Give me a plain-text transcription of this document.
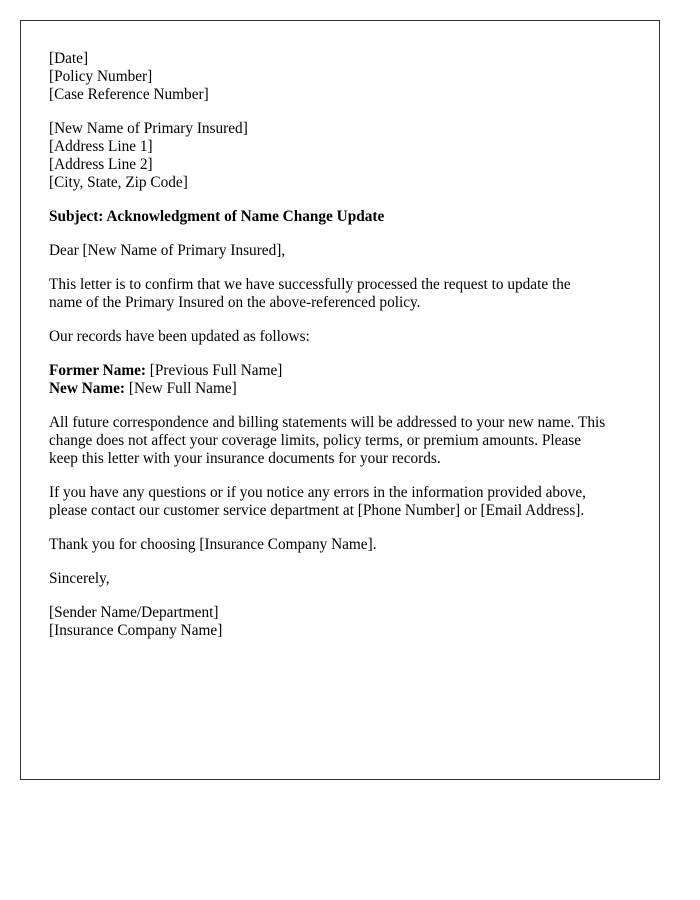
[Date]
[Policy Number]
[Case Reference Number]
[New Name of Primary Insured]
[Address Line 1]
[Address Line 2]
[City, State, Zip Code]

Subject: Acknowledgment of Name Change Update

Dear [New Name of Primary Insured],

This letter is to confirm that we have successfully processed the request to update the
name of the Primary Insured on the above-referenced policy.

Our records have been updated as follows:

Former Name: [Previous Full Name]
New Name: [New Full Name]

All future correspondence and billing statements will be addressed to your new name. This
change does not affect your coverage limits, policy terms, or premium amounts. Please
keep this letter with your insurance documents for your records.

If you have any questions or if you notice any errors in the information provided above,
please contact our customer service department at [Phone Number] or [Email Address].

Thank you for choosing [Insurance Company Name].

Sincerely,

[Sender Name/Department]
[Insurance Company Name]
